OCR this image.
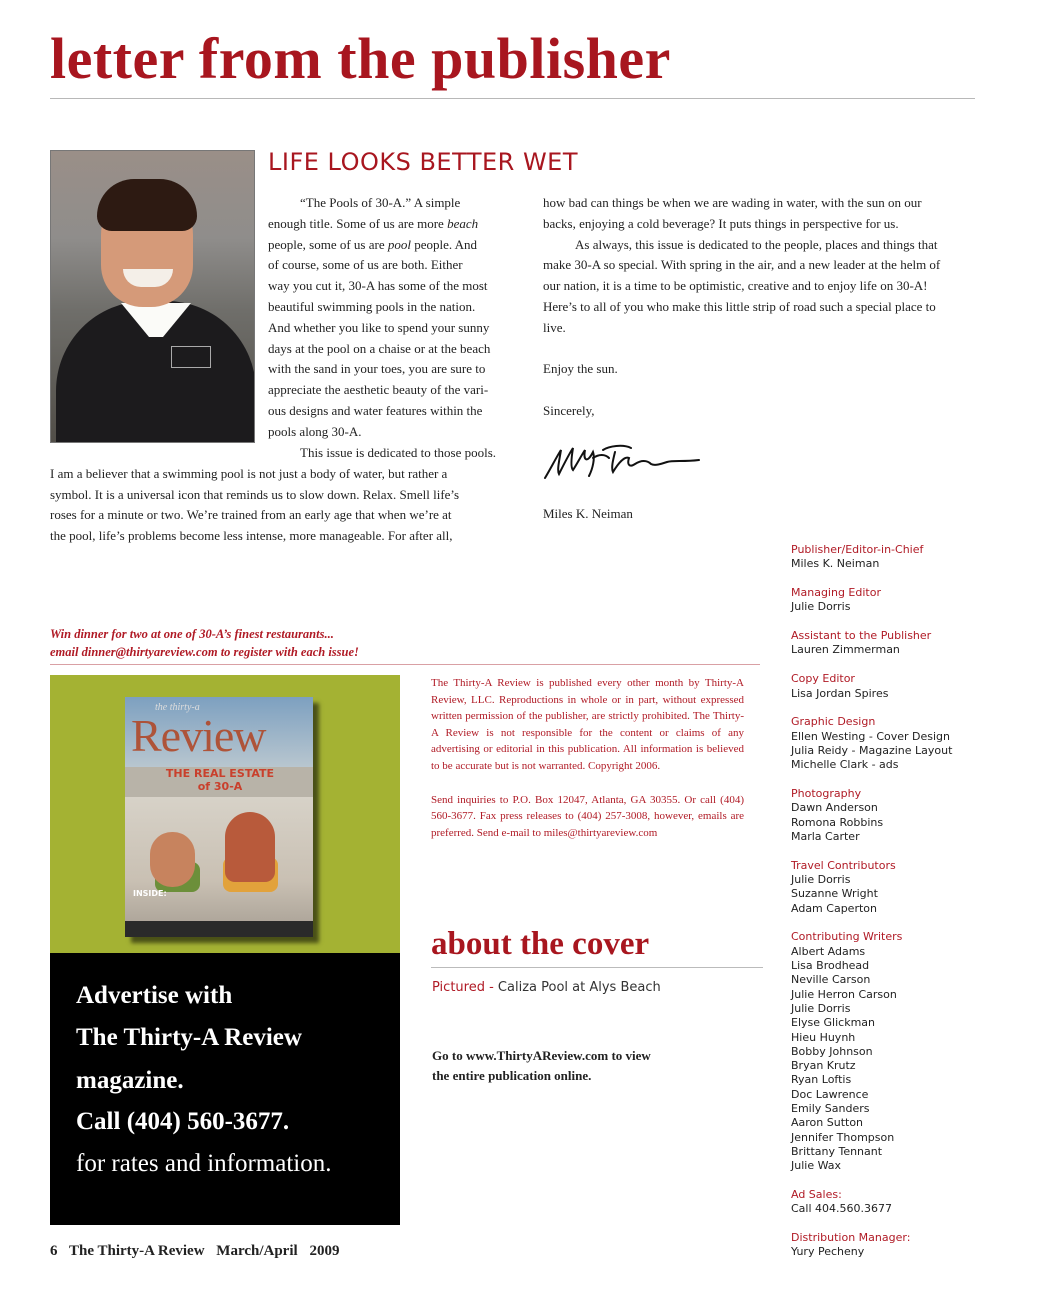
letter from the publisher
LIFE LOOKS BETTER WET
“The Pools of 30-A.” A simple
enough title. Some of us are more beach
people, some of us are pool people. And
of course, some of us are both. Either
way you cut it, 30-A has some of the most
beautiful swimming pools in the nation.
And whether you like to spend your sunny
days at the pool on a chaise or at the beach
with the sand in your toes, you are sure to
appreciate the aesthetic beauty of the vari-
ous designs and water features within the
pools along 30-A.
This issue is dedicated to those pools.
I am a believer that a swimming pool is not just a body of water, but rather a
symbol. It is a universal icon that reminds us to slow down. Relax. Smell life’s
roses for a minute or two. We’re trained from an early age that when we’re at
the pool, life’s problems become less intense, more manageable. For after all,
how bad can things be when we are wading in water, with the sun on our
backs, enjoying a cold beverage? It puts things in perspective for us.
As always, this issue is dedicated to the people, places and things that
make 30-A so special. With spring in the air, and a new leader at the helm of
our nation, it is a time to be optimistic, creative and to enjoy life on 30-A!
Here’s to all of you who make this little strip of road such a special place to
live.
Enjoy the sun.
Sincerely,
Miles K. Neiman
Win dinner for two at one of 30-A’s finest restaurants...
email dinner@thirtyareview.com to register with each issue!
the thirty-a
Review
THE REAL ESTATE
of 30-A
INSIDE:
Advertise with
The Thirty-A Review
magazine.
Call (404) 560-3677.
for rates and information.

The Thirty-A Review is published every other month by Thirty-A Review, LLC. Reproductions in whole or in part, without expressed written permission of the publisher, are strictly prohibited. The Thirty-A Review is not responsible for the content or claims of any advertising or editorial in this publication. All information is believed to be accurate but is not warranted. Copyright 2006.

Send inquiries to P.O. Box 12047, Atlanta, GA 30355. Or call (404) 560-3677. Fax press releases to (404) 257-3008, however, emails are preferred. Send e-mail to miles@thirtyareview.com

about the cover
Pictured - Caliza Pool at Alys Beach
Go to www.ThirtyAReview.com to view
the entire publication online.
Publisher/Editor-in-Chief
Miles K. Neiman
Managing Editor
Julie Dorris
Assistant to the Publisher
Lauren Zimmerman
Copy Editor
Lisa Jordan Spires
Graphic Design
Ellen Westing - Cover Design
Julia Reidy - Magazine Layout
Michelle Clark - ads
Photography
Dawn Anderson
Romona Robbins
Marla Carter
Travel Contributors
Julie Dorris
Suzanne Wright
Adam Caperton
Contributing Writers
Albert Adams
Lisa Brodhead
Neville Carson
Julie Herron Carson
Julie Dorris
Elyse Glickman
Hieu Huynh
Bobby Johnson
Bryan Krutz
Ryan Loftis
Doc Lawrence
Emily Sanders
Aaron Sutton
Jennifer Thompson
Brittany Tennant
Julie Wax
Ad Sales:
Call 404.560.3677
Distribution Manager:
Yury Pecheny
6 The Thirty-A Review March/April 2009
